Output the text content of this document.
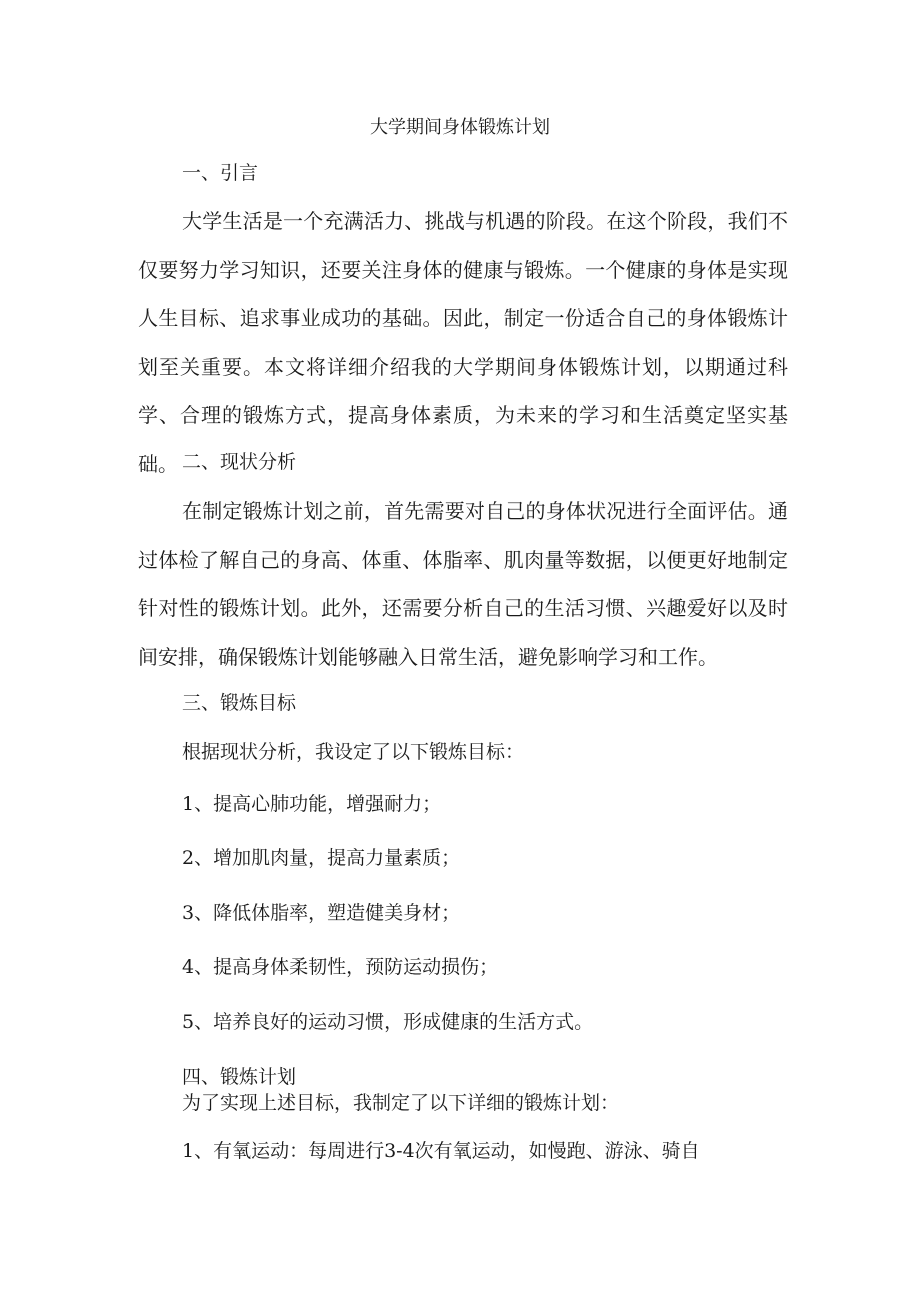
大学期间身体锻炼计划
一、引言

大学生活是一个充满活力、挑战与机遇的阶段。在这个阶段，我们不仅要努力学习知识，还要关注身体的健康与锻炼。一个健康的身体是实现人生目标、追求事业成功的基础。因此，制定一份适合自己的身体锻炼计划至关重要。本文将详细介绍我的大学期间身体锻炼计划，以期通过科学、合理的锻炼方式，提高身体素质，为未来的学习和生活奠定坚实基础。 二、现状分析

在制定锻炼计划之前，首先需要对自己的身体状况进行全面评估。通过体检了解自己的身高、体重、体脂率、肌肉量等数据，以便更好地制定针对性的锻炼计划。此外，还需要分析自己的生活习惯、兴趣爱好以及时间安排，确保锻炼计划能够融入日常生活，避免影响学习和工作。

三、锻炼目标
根据现状分析，我设定了以下锻炼目标：
1、提高心肺功能，增强耐力；
2、增加肌肉量，提高力量素质；
3、降低体脂率，塑造健美身材；
4、提高身体柔韧性，预防运动损伤；
5、培养良好的运动习惯，形成健康的生活方式。
四、锻炼计划
为了实现上述目标，我制定了以下详细的锻炼计划：
1、有氧运动：每周进行3-4次有氧运动，如慢跑、游泳、骑自
